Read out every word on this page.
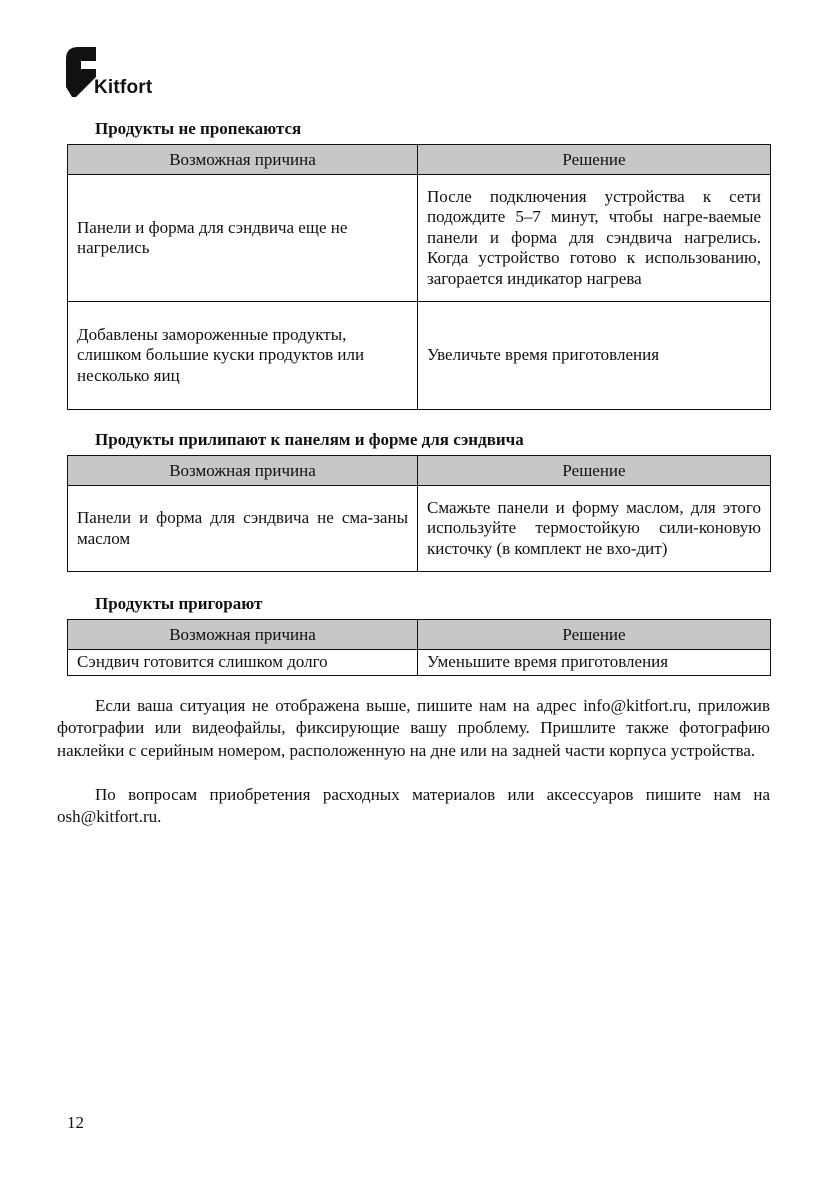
Kitfort
Продукты не пропекаются
Возможная причина	Решение
Панели и форма для сэндвича еще не нагрелись	После подключения устройства к сети подождите 5–7 минут, чтобы нагре-ваемые панели и форма для сэндвича нагрелись. Когда устройство готово к использованию, загорается индикатор нагрева
Добавлены замороженные продукты, слишком большие куски продуктов или несколько яиц	Увеличьте время приготовления
Продукты прилипают к панелям и форме для сэндвича
Возможная причина	Решение
Панели и форма для сэндвича не сма-заны маслом	Смажьте панели и форму маслом, для этого используйте термостойкую сили-коновую кисточку (в комплект не вхо-дит)
Продукты пригорают
Возможная причина	Решение
Сэндвич готовится слишком долго	Уменьшите время приготовления

Если ваша ситуация не отображена выше, пишите нам на адрес info@kitfort.ru, приложив фотографии или видеофайлы, фиксирующие вашу проблему. Пришлите также фотографию наклейки с серийным номером, расположенную на дне или на задней части корпуса устройства.

По вопросам приобретения расходных материалов или аксессуаров пишите нам на osh@kitfort.ru.

12
